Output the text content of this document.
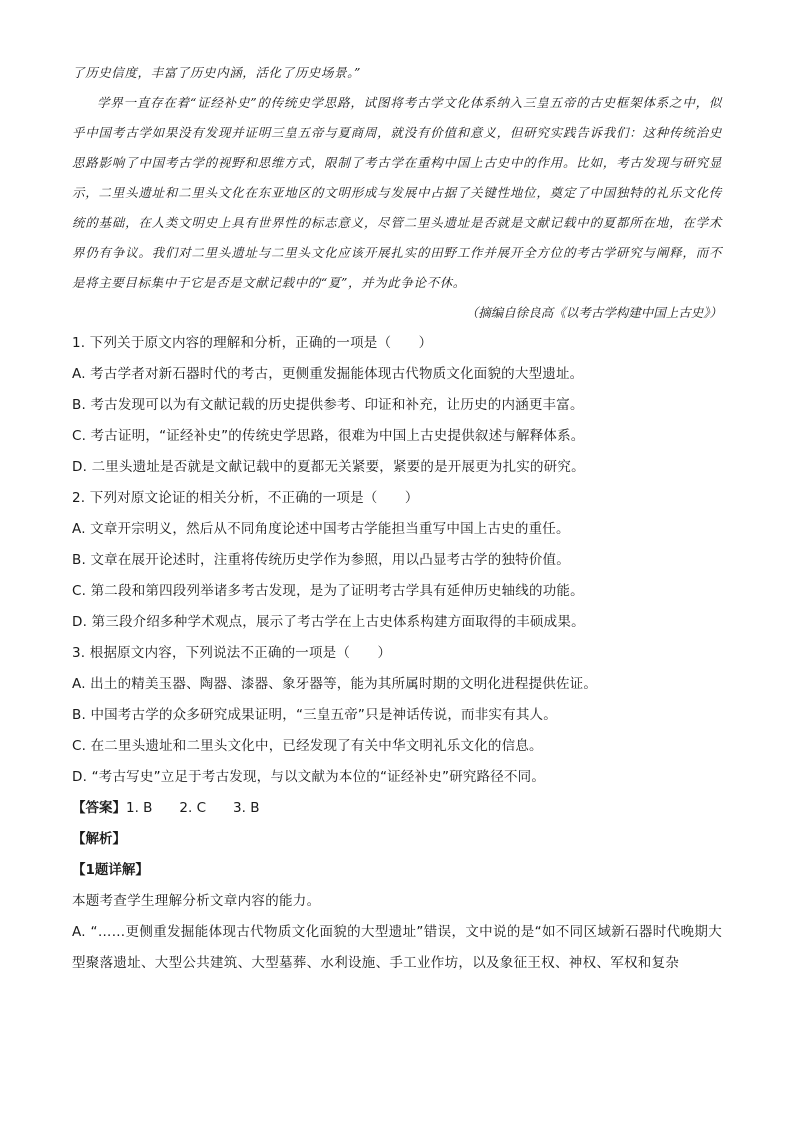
了历史信度，丰富了历史内涵，活化了历史场景。”

学界一直存在着“证经补史”的传统史学思路，试图将考古学文化体系纳入三皇五帝的古史框架体系之中，似乎中国考古学如果没有发现并证明三皇五帝与夏商周，就没有价值和意义，但研究实践告诉我们：这种传统治史思路影响了中国考古学的视野和思维方式，限制了考古学在重构中国上古史中的作用。比如，考古发现与研究显示，二里头遗址和二里头文化在东亚地区的文明形成与发展中占据了关键性地位，奠定了中国独特的礼乐文化传统的基础，在人类文明史上具有世界性的标志意义，尽管二里头遗址是否就是文献记载中的夏都所在地，在学术界仍有争议。我们对二里头遗址与二里头文化应该开展扎实的田野工作并展开全方位的考古学研究与阐释，而不是将主要目标集中于它是否是文献记载中的“夏”，并为此争论不休。

（摘编自徐良高《以考古学构建中国上古史》）

1. 下列关于原文内容的理解和分析，正确的一项是（　　）

A. 考古学者对新石器时代的考古，更侧重发掘能体现古代物质文化面貌的大型遗址。

B. 考古发现可以为有文献记载的历史提供参考、印证和补充，让历史的内涵更丰富。

C. 考古证明，“证经补史”的传统史学思路，很难为中国上古史提供叙述与解释体系。

D. 二里头遗址是否就是文献记载中的夏都无关紧要，紧要的是开展更为扎实的研究。

2. 下列对原文论证的相关分析，不正确的一项是（　　）

A. 文章开宗明义，然后从不同角度论述中国考古学能担当重写中国上古史的重任。

B. 文章在展开论述时，注重将传统历史学作为参照，用以凸显考古学的独特价值。

C. 第二段和第四段列举诸多考古发现，是为了证明考古学具有延伸历史轴线的功能。

D. 第三段介绍多种学术观点，展示了考古学在上古史体系构建方面取得的丰硕成果。

3. 根据原文内容，下列说法不正确的一项是（　　）

A. 出土的精美玉器、陶器、漆器、象牙器等，能为其所属时期的文明化进程提供佐证。

B. 中国考古学的众多研究成果证明，“三皇五帝”只是神话传说，而非实有其人。

C. 在二里头遗址和二里头文化中，已经发现了有关中华文明礼乐文化的信息。

D. “考古写史”立足于考古发现，与以文献为本位的“证经补史”研究路径不同。

【答案】1. B　　2. C　　3. B

【解析】

【1题详解】

本题考查学生理解分析文章内容的能力。

A. “……更侧重发掘能体现古代物质文化面貌的大型遗址”错误，文中说的是“如不同区域新石器时代晚期大型聚落遗址、大型公共建筑、大型墓葬、水利设施、手工业作坊，以及象征王权、神权、军权和复杂
